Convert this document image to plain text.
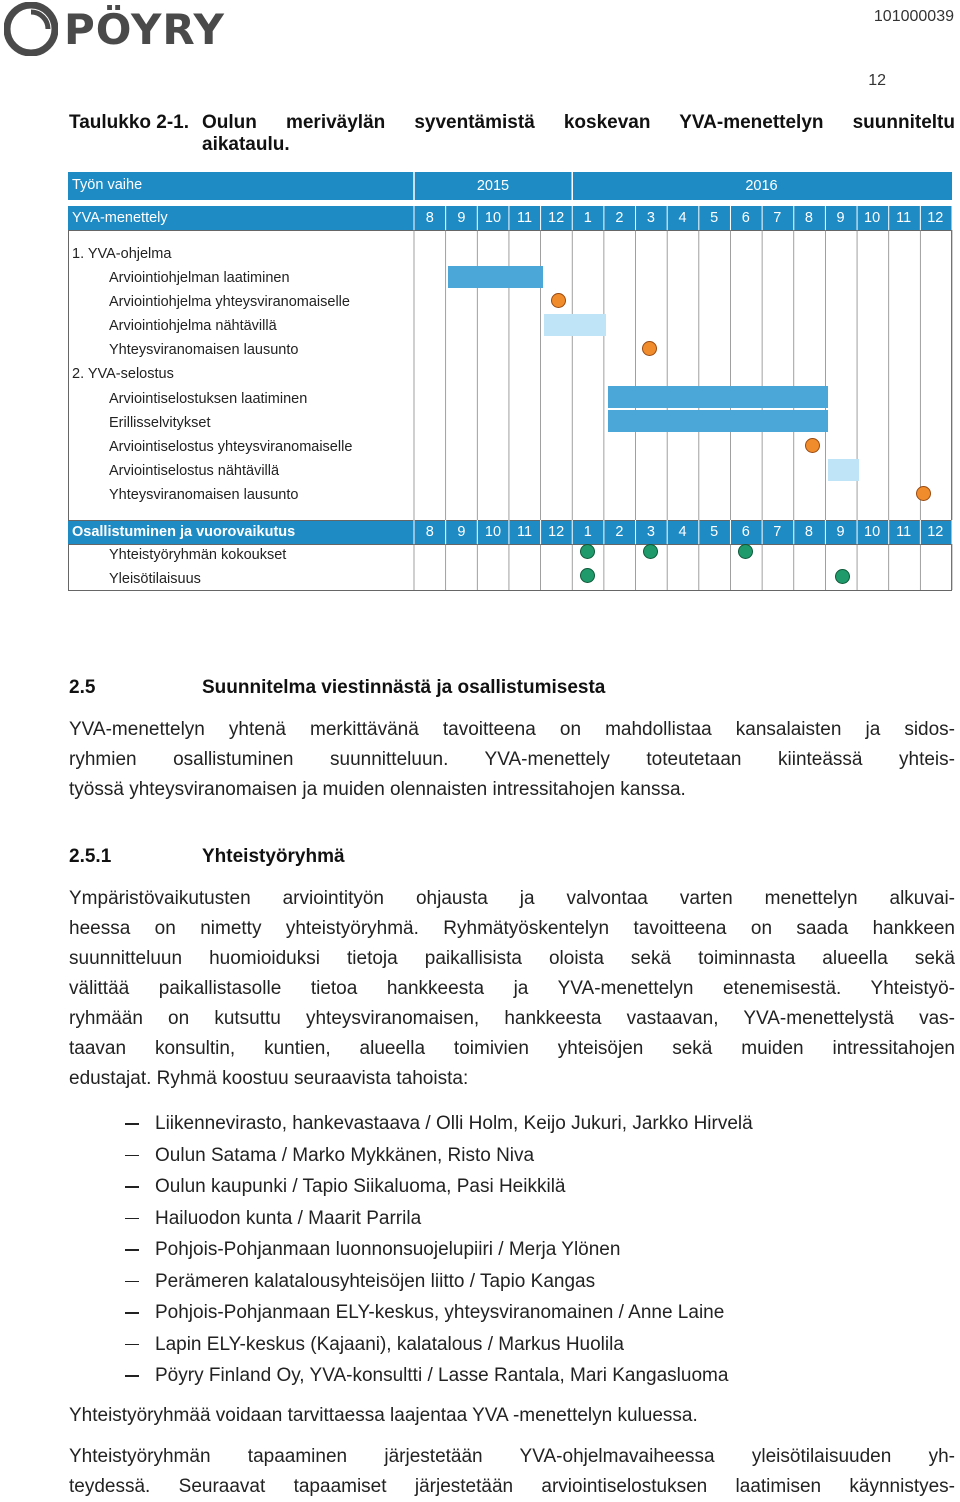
PÖYRY	101000039
12
Taulukko 2-1. Oulun meriväylän syventämistä koskevan YVA-menettelyn suunniteltu
aikataulu.
Työn vaihe	2015	2016
YVA-menettely	8	9	10	11	12	1	2	3	4	5	6	7	8	9	10	11	12
1. YVA-ohjelma
Arviointiohjelman laatiminen
Arviointiohjelma yhteysviranomaiselle
Arviointiohjelma nähtävillä
Yhteysviranomaisen lausunto
2. YVA-selostus
Arviointiselostuksen laatiminen
Erillisselvitykset
Arviointiselostus yhteysviranomaiselle
Arviointiselostus nähtävillä
Yhteysviranomaisen lausunto
Osallistuminen ja vuorovaikutus	8	9	10	11	12	1	2	3	4	5	6	7	8	9	10	11	12
Yhteistyöryhmän kokoukset
Yleisötilaisuus
2.5	Suunnitelma viestinnästä ja osallistumisesta
YVA-menettelyn yhtenä merkittävänä tavoitteena on mahdollistaa kansalaisten ja sidos-
ryhmien osallistuminen suunnitteluun. YVA-menettely toteutetaan kiinteässä yhteis-
työssä yhteysviranomaisen ja muiden olennaisten intressitahojen kanssa.
2.5.1	Yhteistyöryhmä
Ympäristövaikutusten arviointityön ohjausta ja valvontaa varten menettelyn alkuvai-
heessa on nimetty yhteistyöryhmä. Ryhmätyöskentelyn tavoitteena on saada hankkeen
suunnitteluun huomioiduksi tietoja paikallisista oloista sekä toiminnasta alueella sekä
välittää paikallistasolle tietoa hankkeesta ja YVA-menettelyn etenemisestä. Yhteistyö-
ryhmään on kutsuttu yhteysviranomaisen, hankkeesta vastaavan, YVA-menettelystä vas-
taavan konsultin, kuntien, alueella toimivien yhteisöjen sekä muiden intressitahojen
edustajat. Ryhmä koostuu seuraavista tahoista:
Liikennevirasto, hankevastaava / Olli Holm, Keijo Jukuri, Jarkko Hirvelä
Oulun Satama / Marko Mykkänen, Risto Niva
Oulun kaupunki / Tapio Siikaluoma, Pasi Heikkilä
Hailuodon kunta / Maarit Parrila
Pohjois-Pohjanmaan luonnonsuojelupiiri / Merja Ylönen
Perämeren kalatalousyhteisöjen liitto / Tapio Kangas
Pohjois-Pohjanmaan ELY-keskus, yhteysviranomainen / Anne Laine
Lapin ELY-keskus (Kajaani), kalatalous / Markus Huolila
Pöyry Finland Oy, YVA-konsultti / Lasse Rantala, Mari Kangasluoma
Yhteistyöryhmää voidaan tarvittaessa laajentaa YVA -menettelyn kuluessa.
Yhteistyöryhmän tapaaminen järjestetään YVA-ohjelmavaiheessa yleisötilaisuuden yh-
teydessä. Seuraavat tapaamiset järjestetään arviointiselostuksen laatimisen käynnistyes-
